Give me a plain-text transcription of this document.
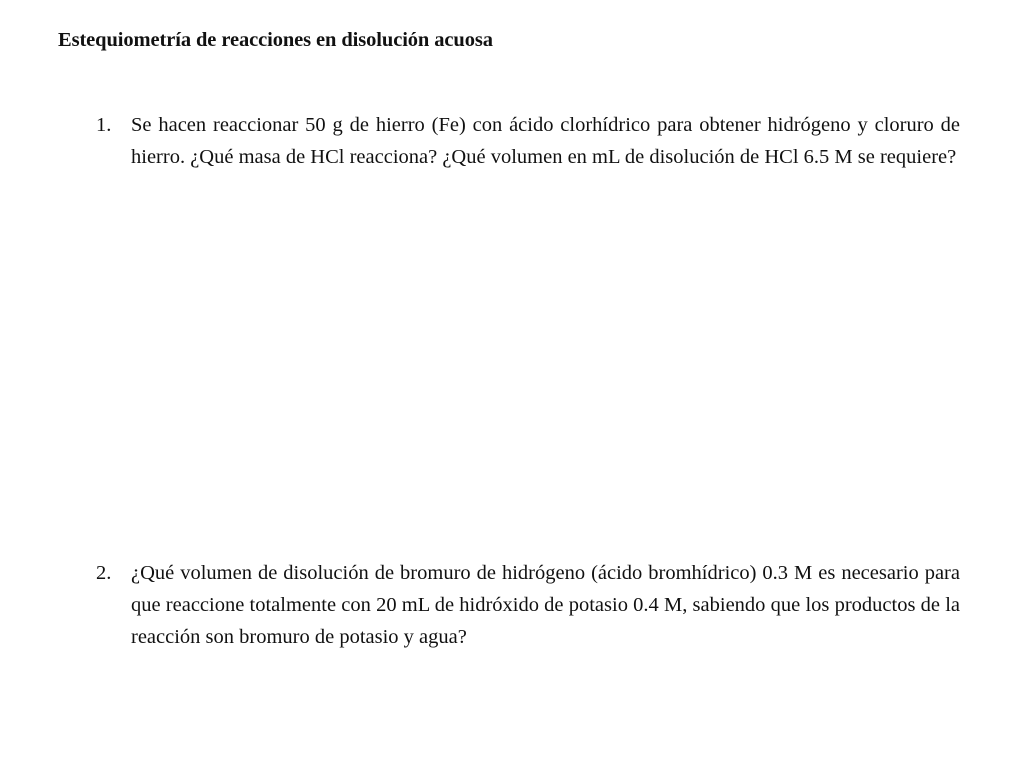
Estequiometría de reacciones en disolución acuosa
1. Se hacen reaccionar 50 g de hierro (Fe) con ácido clorhídrico para obtener hidrógeno y cloruro de hierro. ¿Qué masa de HCl reacciona? ¿Qué volumen en mL de disolución de HCl 6.5 M se requiere?
2. ¿Qué volumen de disolución de bromuro de hidrógeno (ácido bromhídrico) 0.3 M es necesario para que reaccione totalmente con 20 mL de hidróxido de potasio 0.4 M, sabiendo que los productos de la reacción son bromuro de potasio y agua?
